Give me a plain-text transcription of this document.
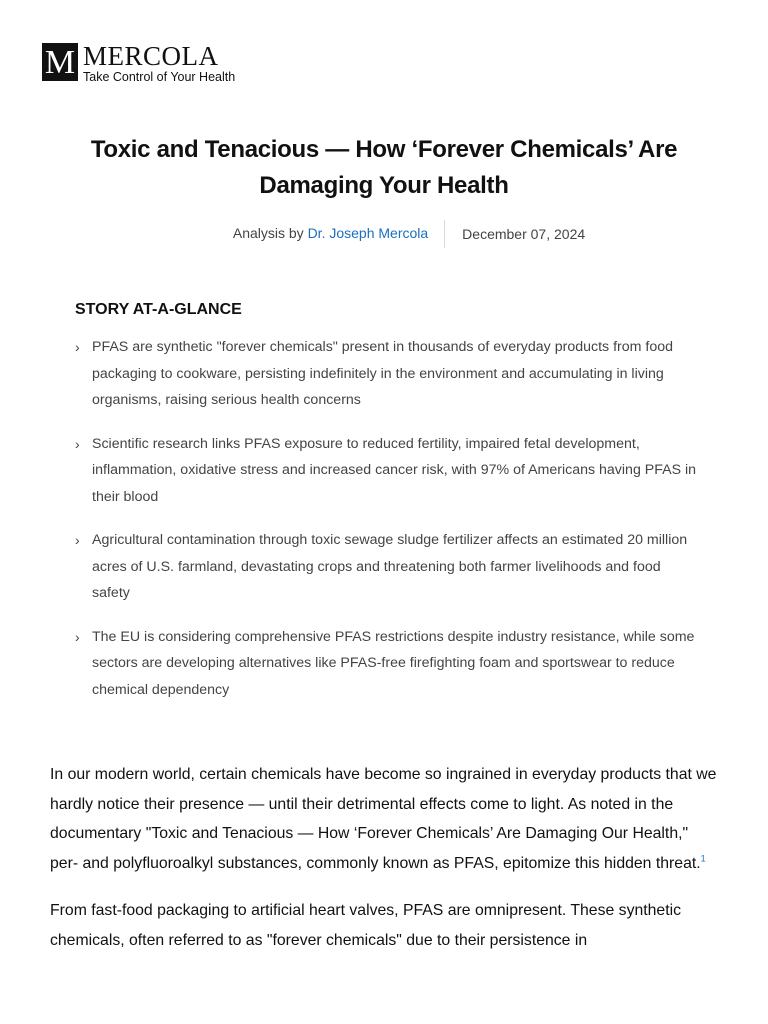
M MERCOLA
Take Control of Your Health
Toxic and Tenacious — How ‘Forever Chemicals’ Are Damaging Your Health
Analysis by Dr. Joseph Mercola	December 07, 2024
STORY AT-A-GLANCE
› PFAS are synthetic "forever chemicals" present in thousands of everyday products from food packaging to cookware, persisting indefinitely in the environment and accumulating in living organisms, raising serious health concerns
› Scientific research links PFAS exposure to reduced fertility, impaired fetal development, inflammation, oxidative stress and increased cancer risk, with 97% of Americans having PFAS in their blood
› Agricultural contamination through toxic sewage sludge fertilizer affects an estimated 20 million acres of U.S. farmland, devastating crops and threatening both farmer livelihoods and food safety
› The EU is considering comprehensive PFAS restrictions despite industry resistance, while some sectors are developing alternatives like PFAS-free firefighting foam and sportswear to reduce chemical dependency

In our modern world, certain chemicals have become so ingrained in everyday products that we hardly notice their presence — until their detrimental effects come to light. As noted in the documentary "Toxic and Tenacious — How ‘Forever Chemicals’ Are Damaging Our Health," per- and polyfluoroalkyl substances, commonly known as PFAS, epitomize this hidden threat.$^1$

From fast-food packaging to artificial heart valves, PFAS are omnipresent. These synthetic chemicals, often referred to as "forever chemicals" due to their persistence in
